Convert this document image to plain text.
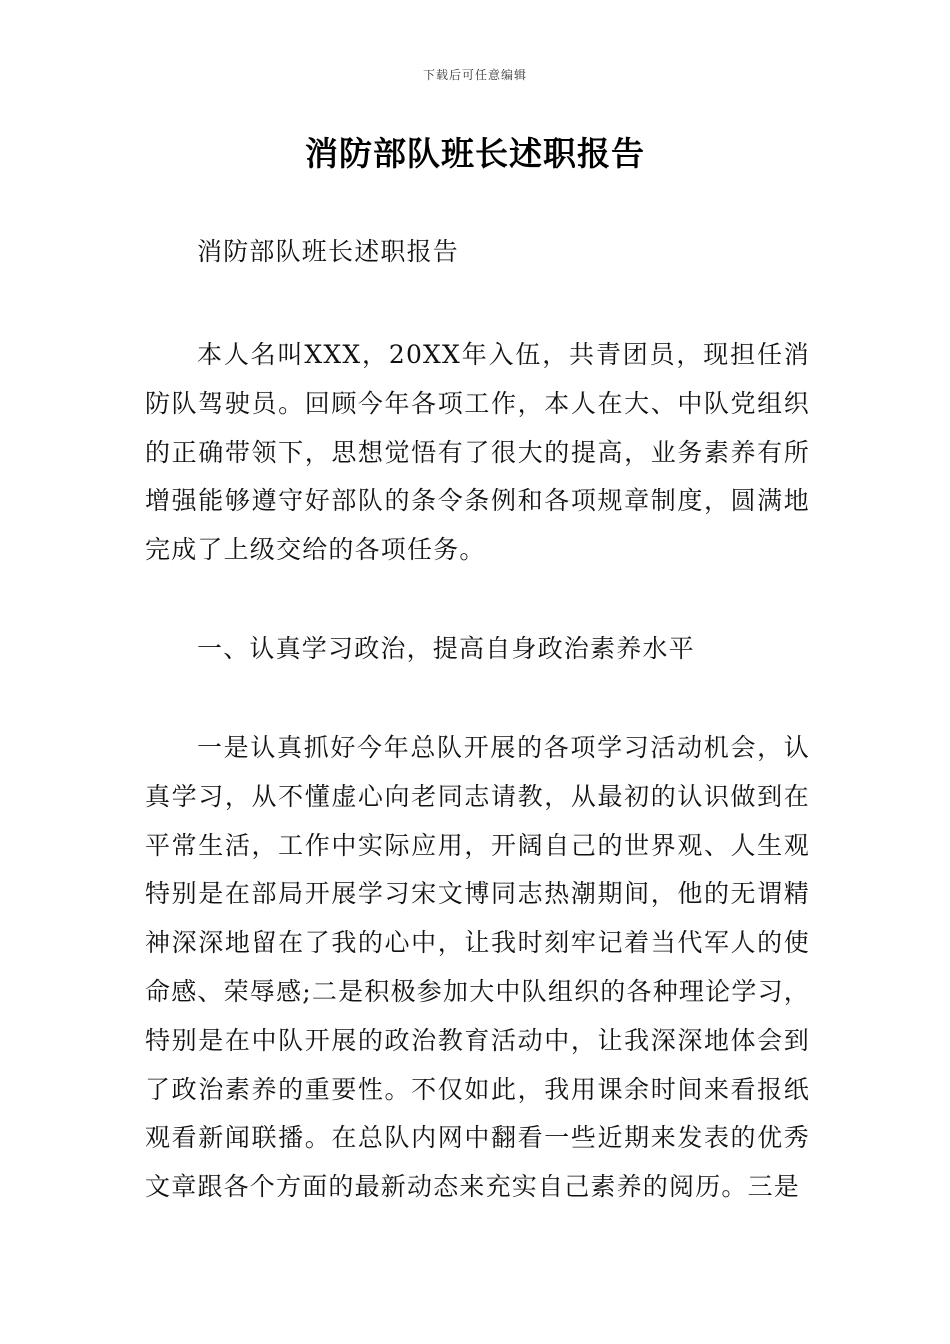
下载后可任意编辑
消防部队班长述职报告
消防部队班长述职报告
本人名叫XXX，20XX年入伍，共青团员，现担任消防队驾驶员。回顾今年各项工作，本人在大、中队党组织的正确带领下，思想觉悟有了很大的提高，业务素养有所增强能够遵守好部队的条令条例和各项规章制度，圆满地完成了上级交给的各项任务。
一、认真学习政治，提高自身政治素养水平
一是认真抓好今年总队开展的各项学习活动机会，认真学习，从不懂虚心向老同志请教，从最初的认识做到在平常生活，工作中实际应用，开阔自己的世界观、人生观特别是在部局开展学习宋文博同志热潮期间，他的无谓精神深深地留在了我的心中，让我时刻牢记着当代军人的使命感、荣辱感;二是积极参加大中队组织的各种理论学习，特别是在中队开展的政治教育活动中，让我深深地体会到了政治素养的重要性。不仅如此，我用课余时间来看报纸观看新闻联播。在总队内网中翻看一些近期来发表的优秀文章跟各个方面的最新动态来充实自己素养的阅历。三是
